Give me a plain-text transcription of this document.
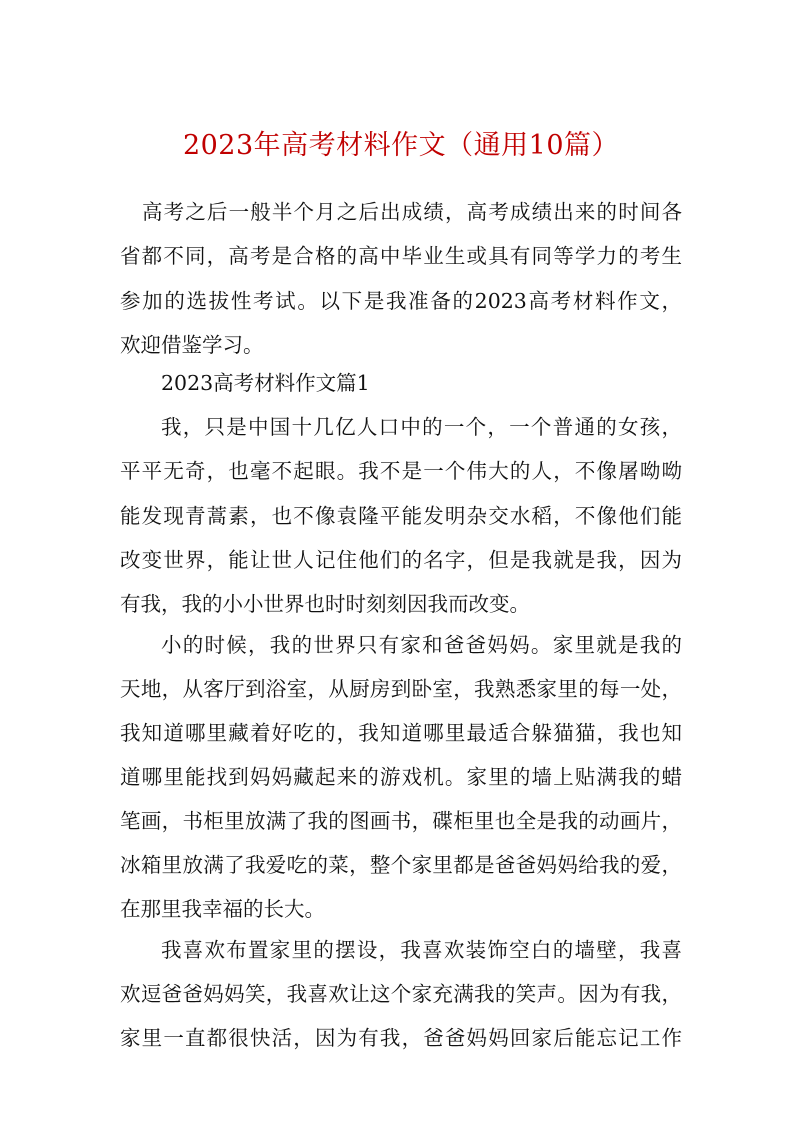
2023年高考材料作文（通用10篇）
高考之后一般半个月之后出成绩，高考成绩出来的时间各
省都不同，高考是合格的高中毕业生或具有同等学力的考生
参加的选拔性考试。以下是我准备的2023高考材料作文，
欢迎借鉴学习。
2023高考材料作文篇1
我，只是中国十几亿人口中的一个，一个普通的女孩，
平平无奇，也毫不起眼。我不是一个伟大的人，不像屠呦呦
能发现青蒿素，也不像袁隆平能发明杂交水稻，不像他们能
改变世界，能让世人记住他们的名字，但是我就是我，因为
有我，我的小小世界也时时刻刻因我而改变。
小的时候，我的世界只有家和爸爸妈妈。家里就是我的
天地，从客厅到浴室，从厨房到卧室，我熟悉家里的每一处，
我知道哪里藏着好吃的，我知道哪里最适合躲猫猫，我也知
道哪里能找到妈妈藏起来的游戏机。家里的墙上贴满我的蜡
笔画，书柜里放满了我的图画书，碟柜里也全是我的动画片，
冰箱里放满了我爱吃的菜，整个家里都是爸爸妈妈给我的爱，
在那里我幸福的长大。
我喜欢布置家里的摆设，我喜欢装饰空白的墙壁，我喜
欢逗爸爸妈妈笑，我喜欢让这个家充满我的笑声。因为有我，
家里一直都很快活，因为有我，爸爸妈妈回家后能忘记工作
